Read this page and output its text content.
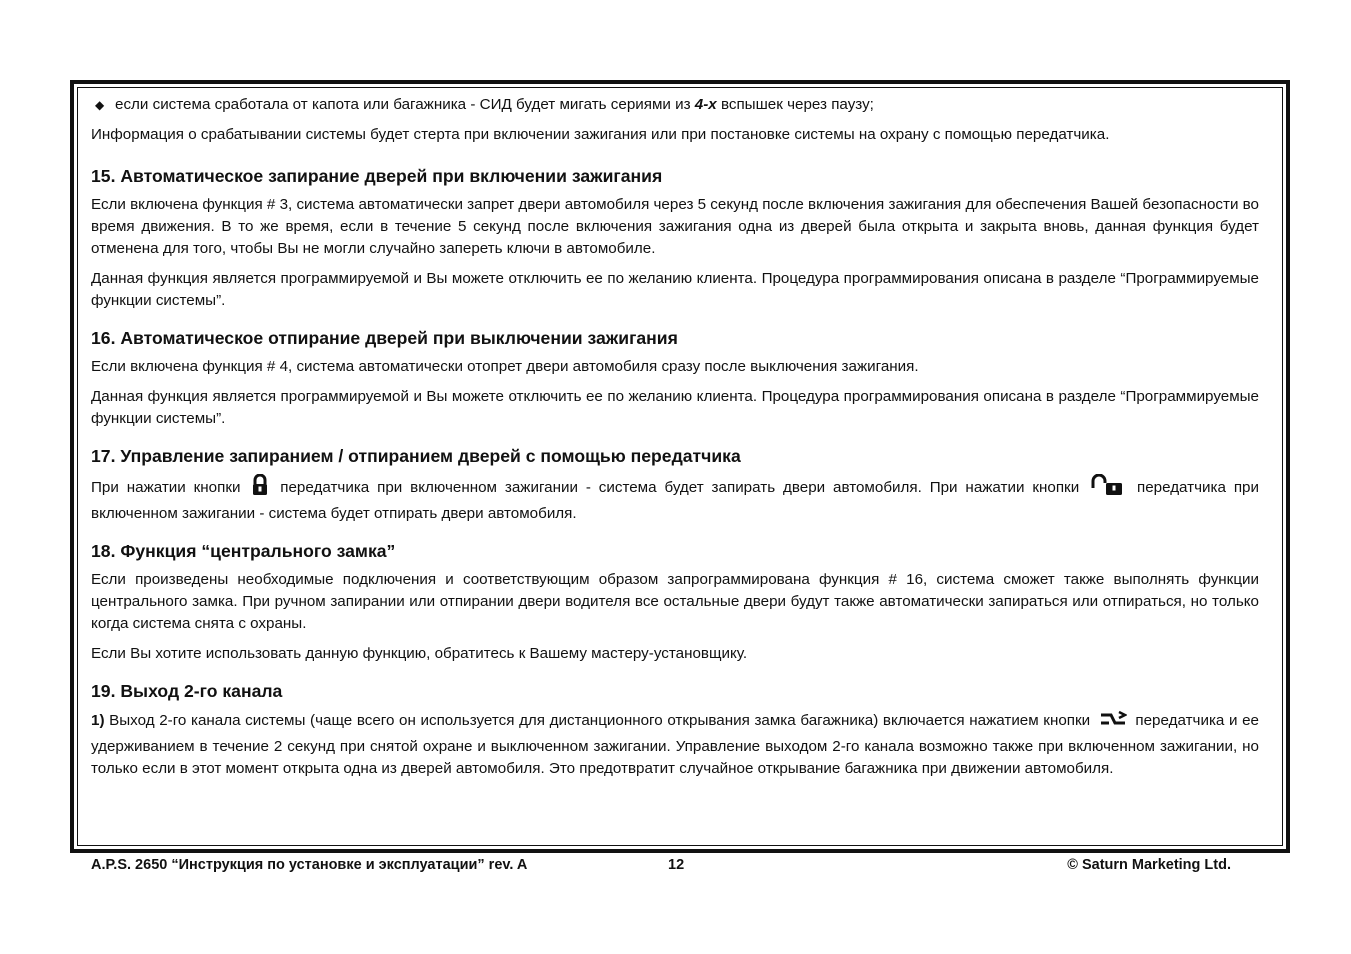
◆ если система сработала от капота или багажника - СИД будет мигать сериями из 4-x вспышек через паузу;

Информация о срабатывании системы будет стерта при включении зажигания или при постановке системы на охрану с помощью передатчика.

15. Автоматическое запирание дверей при включении зажигания

Если включена функция # 3, система автоматически запрет двери автомобиля через 5 секунд после включения зажигания для обеспечения Вашей безопасности во время движения. В то же время, если в течение 5 секунд после включения зажигания одна из дверей была открыта и закрыта вновь, данная функция будет отменена для того, чтобы Вы не могли случайно запереть ключи в автомобиле.

Данная функция является программируемой и Вы можете отключить ее по желанию клиента. Процедура программирования описана в разделе “Программируемые функции системы”.

16. Автоматическое отпирание дверей при выключении зажигания

Если включена функция # 4, система автоматически отопрет двери автомобиля сразу после выключения зажигания.

Данная функция является программируемой и Вы можете отключить ее по желанию клиента. Процедура программирования описана в разделе “Программируемые функции системы”.

17. Управление запиранием / отпиранием дверей с помощью передатчика

При нажатии кнопки  передатчика при включенном зажигании - система будет запирать двери автомобиля. При нажатии кнопки	передатчика при включенном зажигании - система будет отпирать двери автомобиля.

18. Функция “центрального замка”

Если произведены необходимые подключения и соответствующим образом запрограммирована функция # 16, система сможет также выполнять функции центрального замка. При ручном запирании или отпирании двери водителя все остальные двери будут также автоматически запираться или отпираться, но только когда система снята с охраны.

Если Вы хотите использовать данную функцию, обратитесь к Вашему мастеру-установщику.

19. Выход 2-го канала

1) Выход 2-го канала системы (чаще всего он используется для дистанционного открывания замка багажника) включается нажатием кнопки  передатчика и ее удерживанием в течение 2 секунд при снятой охране и выключенном зажигании. Управление выходом 2-го канала возможно также при включенном зажигании, но только если в этот момент открыта одна из дверей автомобиля. Это предотвратит случайное открывание багажника при движении автомобиля.

A.P.S. 2650 “Инструкция по установке и эксплуатации” rev. A	12	© Saturn Marketing Ltd.
